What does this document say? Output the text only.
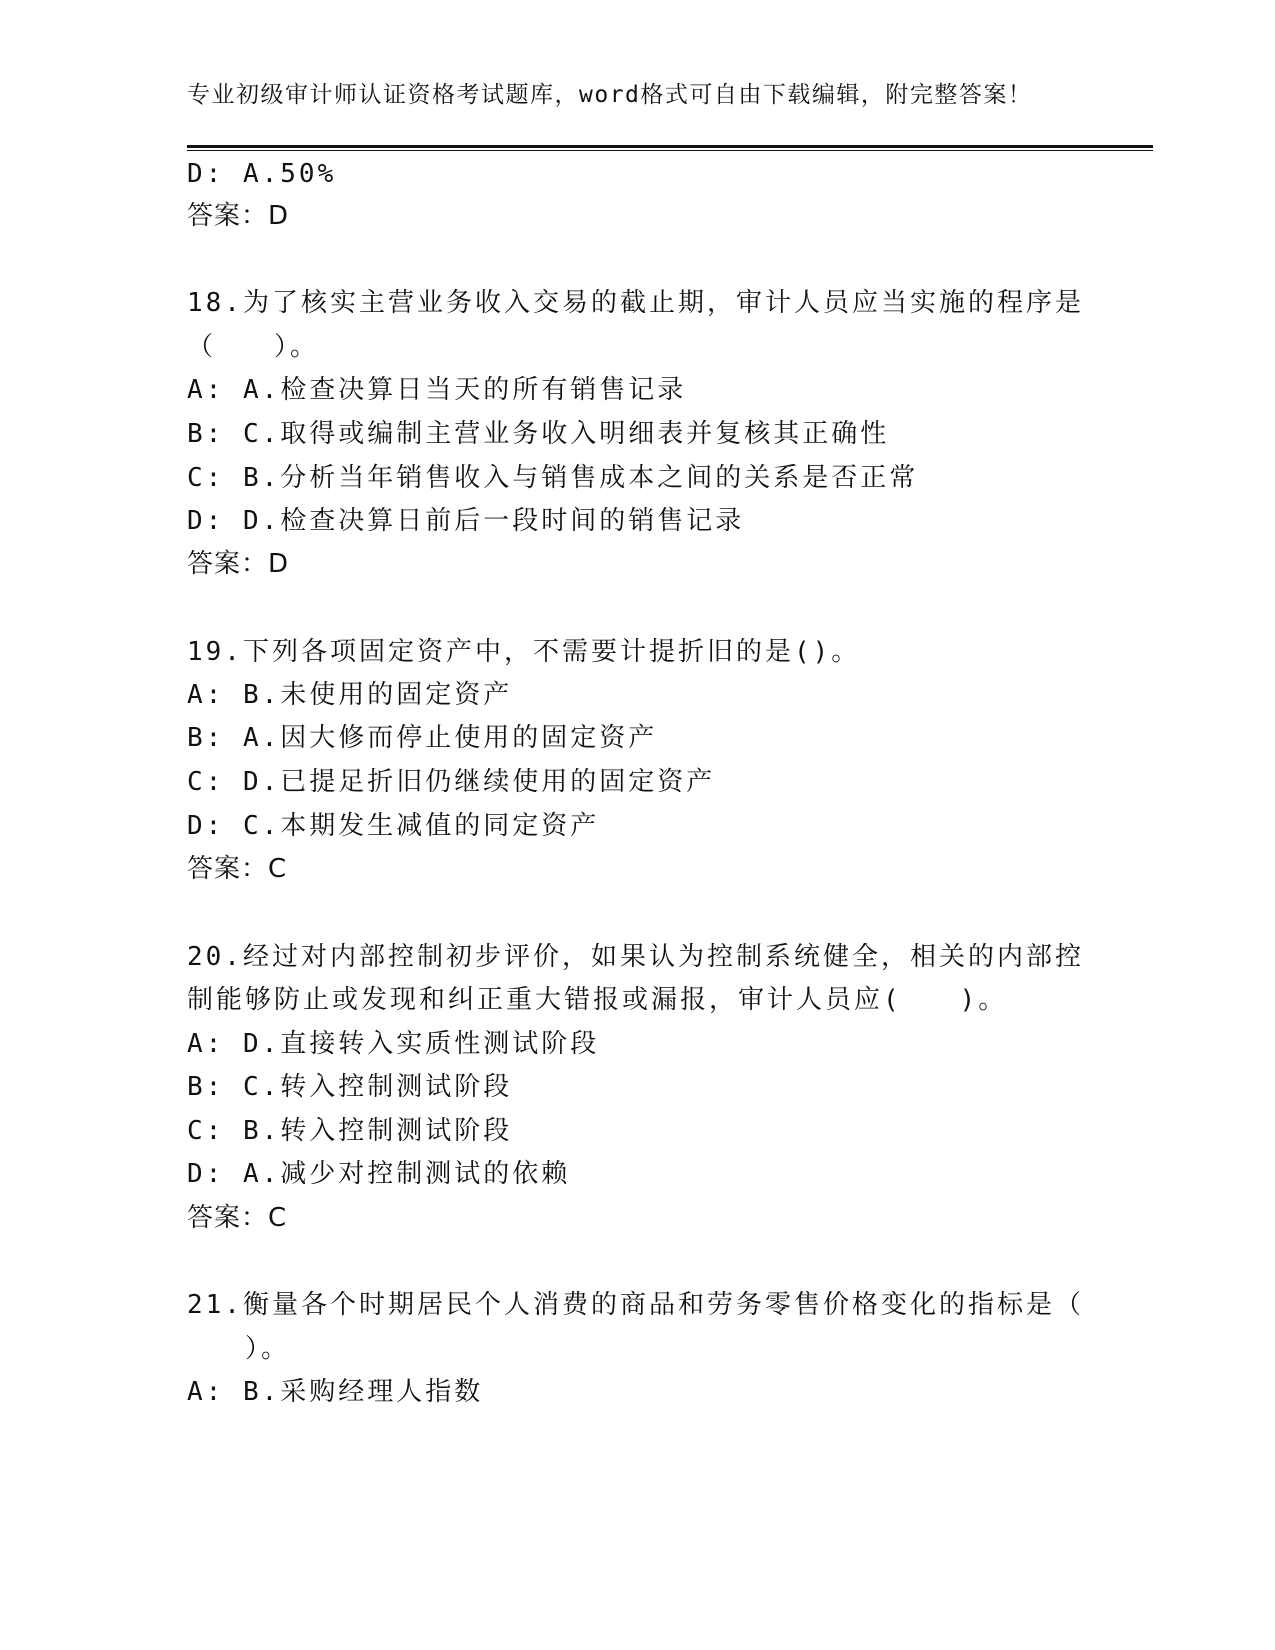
专业初级审计师认证资格考试题库，word格式可自由下载编辑，附完整答案！
D: A.50%
答案：D
18.为了核实主营业务收入交易的截止期，审计人员应当实施的程序是
（　　）。
A: A.检查决算日当天的所有销售记录
B: C.取得或编制主营业务收入明细表并复核其正确性
C: B.分析当年销售收入与销售成本之间的关系是否正常
D: D.检查决算日前后一段时间的销售记录
答案：D
19.下列各项固定资产中，不需要计提折旧的是()。
A: B.未使用的固定资产
B: A.因大修而停止使用的固定资产
C: D.已提足折旧仍继续使用的固定资产
D: C.本期发生减值的同定资产
答案：C
20.经过对内部控制初步评价，如果认为控制系统健全，相关的内部控
制能够防止或发现和纠正重大错报或漏报，审计人员应(　　)。
A: D.直接转入实质性测试阶段
B: C.转入控制测试阶段
C: B.转入控制测试阶段
D: A.减少对控制测试的依赖
答案：C
21.衡量各个时期居民个人消费的商品和劳务零售价格变化的指标是（
　　）。
A: B.采购经理人指数
